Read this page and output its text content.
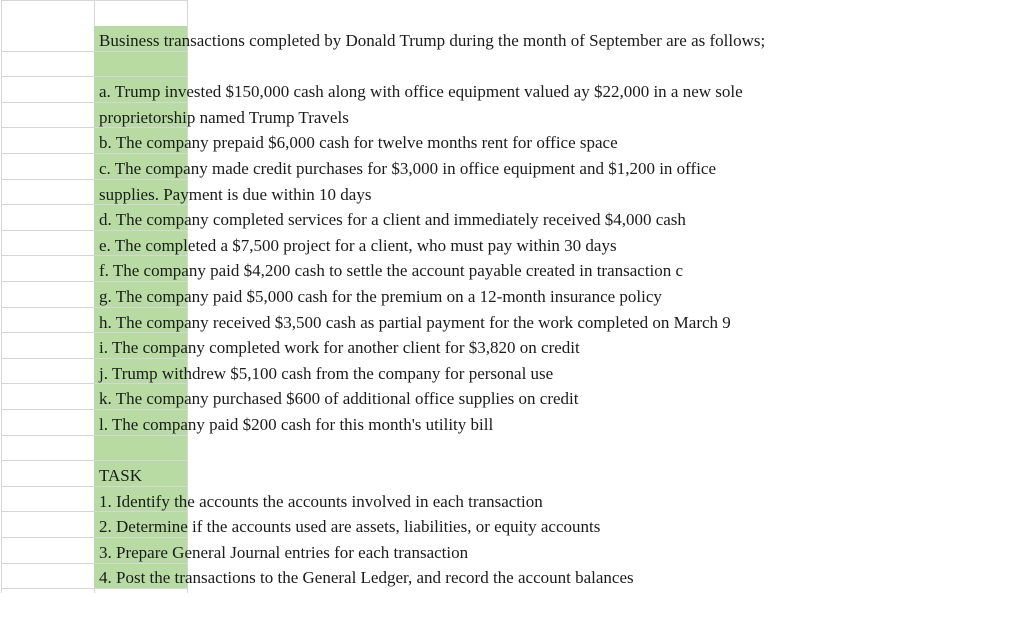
Business transactions completed by Donald Trump during the month of September are as follows;
a. Trump invested $150,000 cash along with office equipment valued ay $22,000 in a new sole
proprietorship named Trump Travels
b. The company prepaid $6,000 cash for twelve months rent for office space
c. The company made credit purchases for $3,000 in office equipment and $1,200 in office
supplies. Payment is due within 10 days
d. The company completed services for a client and immediately received $4,000 cash
e. The completed a $7,500 project for a client, who must pay within 30 days
f. The company paid $4,200 cash to settle the account payable created in transaction c
g. The company paid $5,000 cash for the premium on a 12-month insurance policy
h. The company received $3,500 cash as partial payment for the work completed on March 9
i. The company completed work for another client for $3,820 on credit
j. Trump withdrew $5,100 cash from the company for personal use
k. The company purchased $600 of additional office supplies on credit
l. The company paid $200 cash for this month's utility bill
TASK
1. Identify the accounts the accounts involved in each transaction
2. Determine if the accounts used are assets, liabilities, or equity accounts
3. Prepare General Journal entries for each transaction
4. Post the transactions to the General Ledger, and record the account balances
